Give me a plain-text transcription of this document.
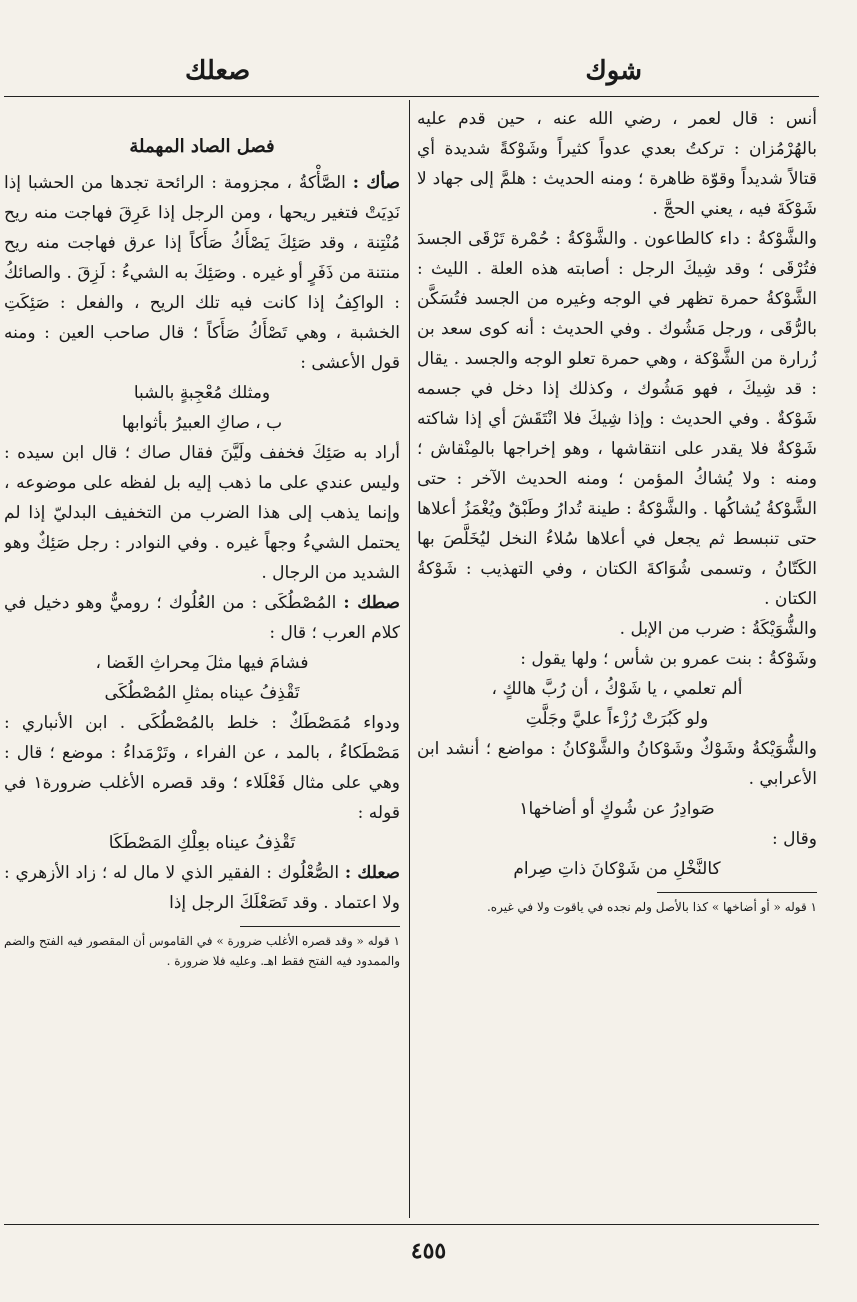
شوك
صعلك

أنس : قال لعمر ، رضي الله عنه ، حين قدم عليه بالهُرْمُزان : تركتُ بعدي عدواً كثيراً وشَوْكةً شديدة أي قتالاً شديداً وقوّة ظاهرة ؛ ومنه الحديث : هلمَّ إلى جهاد لا شَوْكَةَ فيه ، يعني الحجَّ .

والشَّوْكةُ : داء كالطاعون . والشَّوْكةُ : حُمْرة تَرْقَى الجسدَ فتُرْقَى ؛ وقد شِيكَ الرجل : أصابته هذه العلة . الليث : الشَّوْكةُ حمرة تظهر في الوجه وغيره من الجسد فتُسَكَّن بالرُّقَى ، ورجل مَشُوك . وفي الحديث : أنه كوى سعد بن زُرارة من الشَّوْكة ، وهي حمرة تعلو الوجه والجسد . يقال : قد شِيكَ ، فهو مَشُوك ، وكذلك إذا دخل في جسمه شَوْكةٌ . وفي الحديث : وإذا شِيكَ فلا انْتَقَشَ أي إذا شاكته شَوْكةٌ فلا يقدر على انتقاشها ، وهو إخراجها بالمِنْقاش ؛ ومنه : ولا يُشاكُ المؤمن ؛ ومنه الحديث الآخر : حتى الشَّوْكةُ يُشاكُها . والشَّوْكةُ : طينة تُدارُ وطَبْقٌ ويُغْمَزُ أعلاها حتى تنبسط ثم يجعل في أعلاها سُلاءُ النخل ليُخَلَّصَ بها الكَتّانُ ، وتسمى شُوَاكةَ الكتان ، وفي التهذيب : شَوْكةُ الكتان .

والشُّوَيْكَةُ : ضرب من الإبل .

وشَوْكةُ : بنت عمرو بن شأس ؛ ولها يقول :

ألم تعلمي ، يا شَوْكُ ، أن رُبَّ هالكٍ ،
ولو كَبُرَتْ رُزْءاً عليَّ وجَلَّتِ

والشُّوَيْكةُ وشَوْكٌ وشَوْكانُ والشَّوْكانُ : مواضع ؛ أنشد ابن الأعرابي .

صَوادِرُ عن شُوكٍ أو أضاخها١

وقال :

كالنَّخْلِ من شَوْكانَ ذاتِ صِرام

١ قوله « أو أضاخها » كذا بالأصل ولم نجده في ياقوت ولا في غيره.

فصل الصاد المهملة

صأك : الصَّأْكةُ ، مجزومة : الرائحة تجدها من الحشبا إذا نَدِيَتْ فتغير ريحها ، ومن الرجل إذا عَرِقَ فهاجت منه ريح مُنْتِنة ، وقد صَئِكَ يَصْأَكُ صَأَكاً إذا عرق فهاجت منه ريح منتنة من ذَفَرٍ أو غيره . وصَئِكَ به الشيءُ : لَزِقَ . والصائكُ : الواكِفُ إذا كانت فيه تلك الريح ، والفعل : صَئِكَتِ الخشبة ، وهي تَصْأَكُ صَأَكاً ؛ قال صاحب العين : ومنه قول الأعشى :

ومثلك مُعْجِبةٍ بالشبا
ب ، صاكِ العبيرُ بأثوابها

أراد به صَئِكَ فخفف ولَيَّنَ فقال صاك ؛ قال ابن سيده : وليس عندي على ما ذهب إليه بل لفظه على موضوعه ، وإنما يذهب إلى هذا الضرب من التخفيف البدليّ إذا لم يحتمل الشيءُ وجهاً غيره . وفي النوادر : رجل صَئِكٌ وهو الشديد من الرجال .

صطك : المُصْطُكَى : من العُلُوك ؛ روميٌّ وهو دخيل في كلام العرب ؛ قال :

فشامَ فيها مثلَ مِحراثِ الغَضا ،
تَقْذِفُ عيناه بمثلِ المُصْطُكَى

ودواء مُمَصْطَكٌ : خلط بالمُصْطُكَى . ابن الأنباري : مَصْطَكاءُ ، بالمد ، عن الفراء ، وتَرْمَداءُ : موضع ؛ قال : وهي على مثال فَعْلَلاء ؛ وقد قصره الأغلب ضرورة١ في قوله :

تَقْذِفُ عيناه بعِلْكِ المَصْطَكَا

صعلك : الصُّعْلُوك : الفقير الذي لا مال له ؛ زاد الأزهري : ولا اعتماد . وقد تَصَعْلَكَ الرجل إذا

١ قوله « وقد قصره الأغلب ضرورة » في القاموس أن المقصور فيه الفتح والضم والممدود فيه الفتح فقط اهـ. وعليه فلا ضرورة .

٤٥٥
